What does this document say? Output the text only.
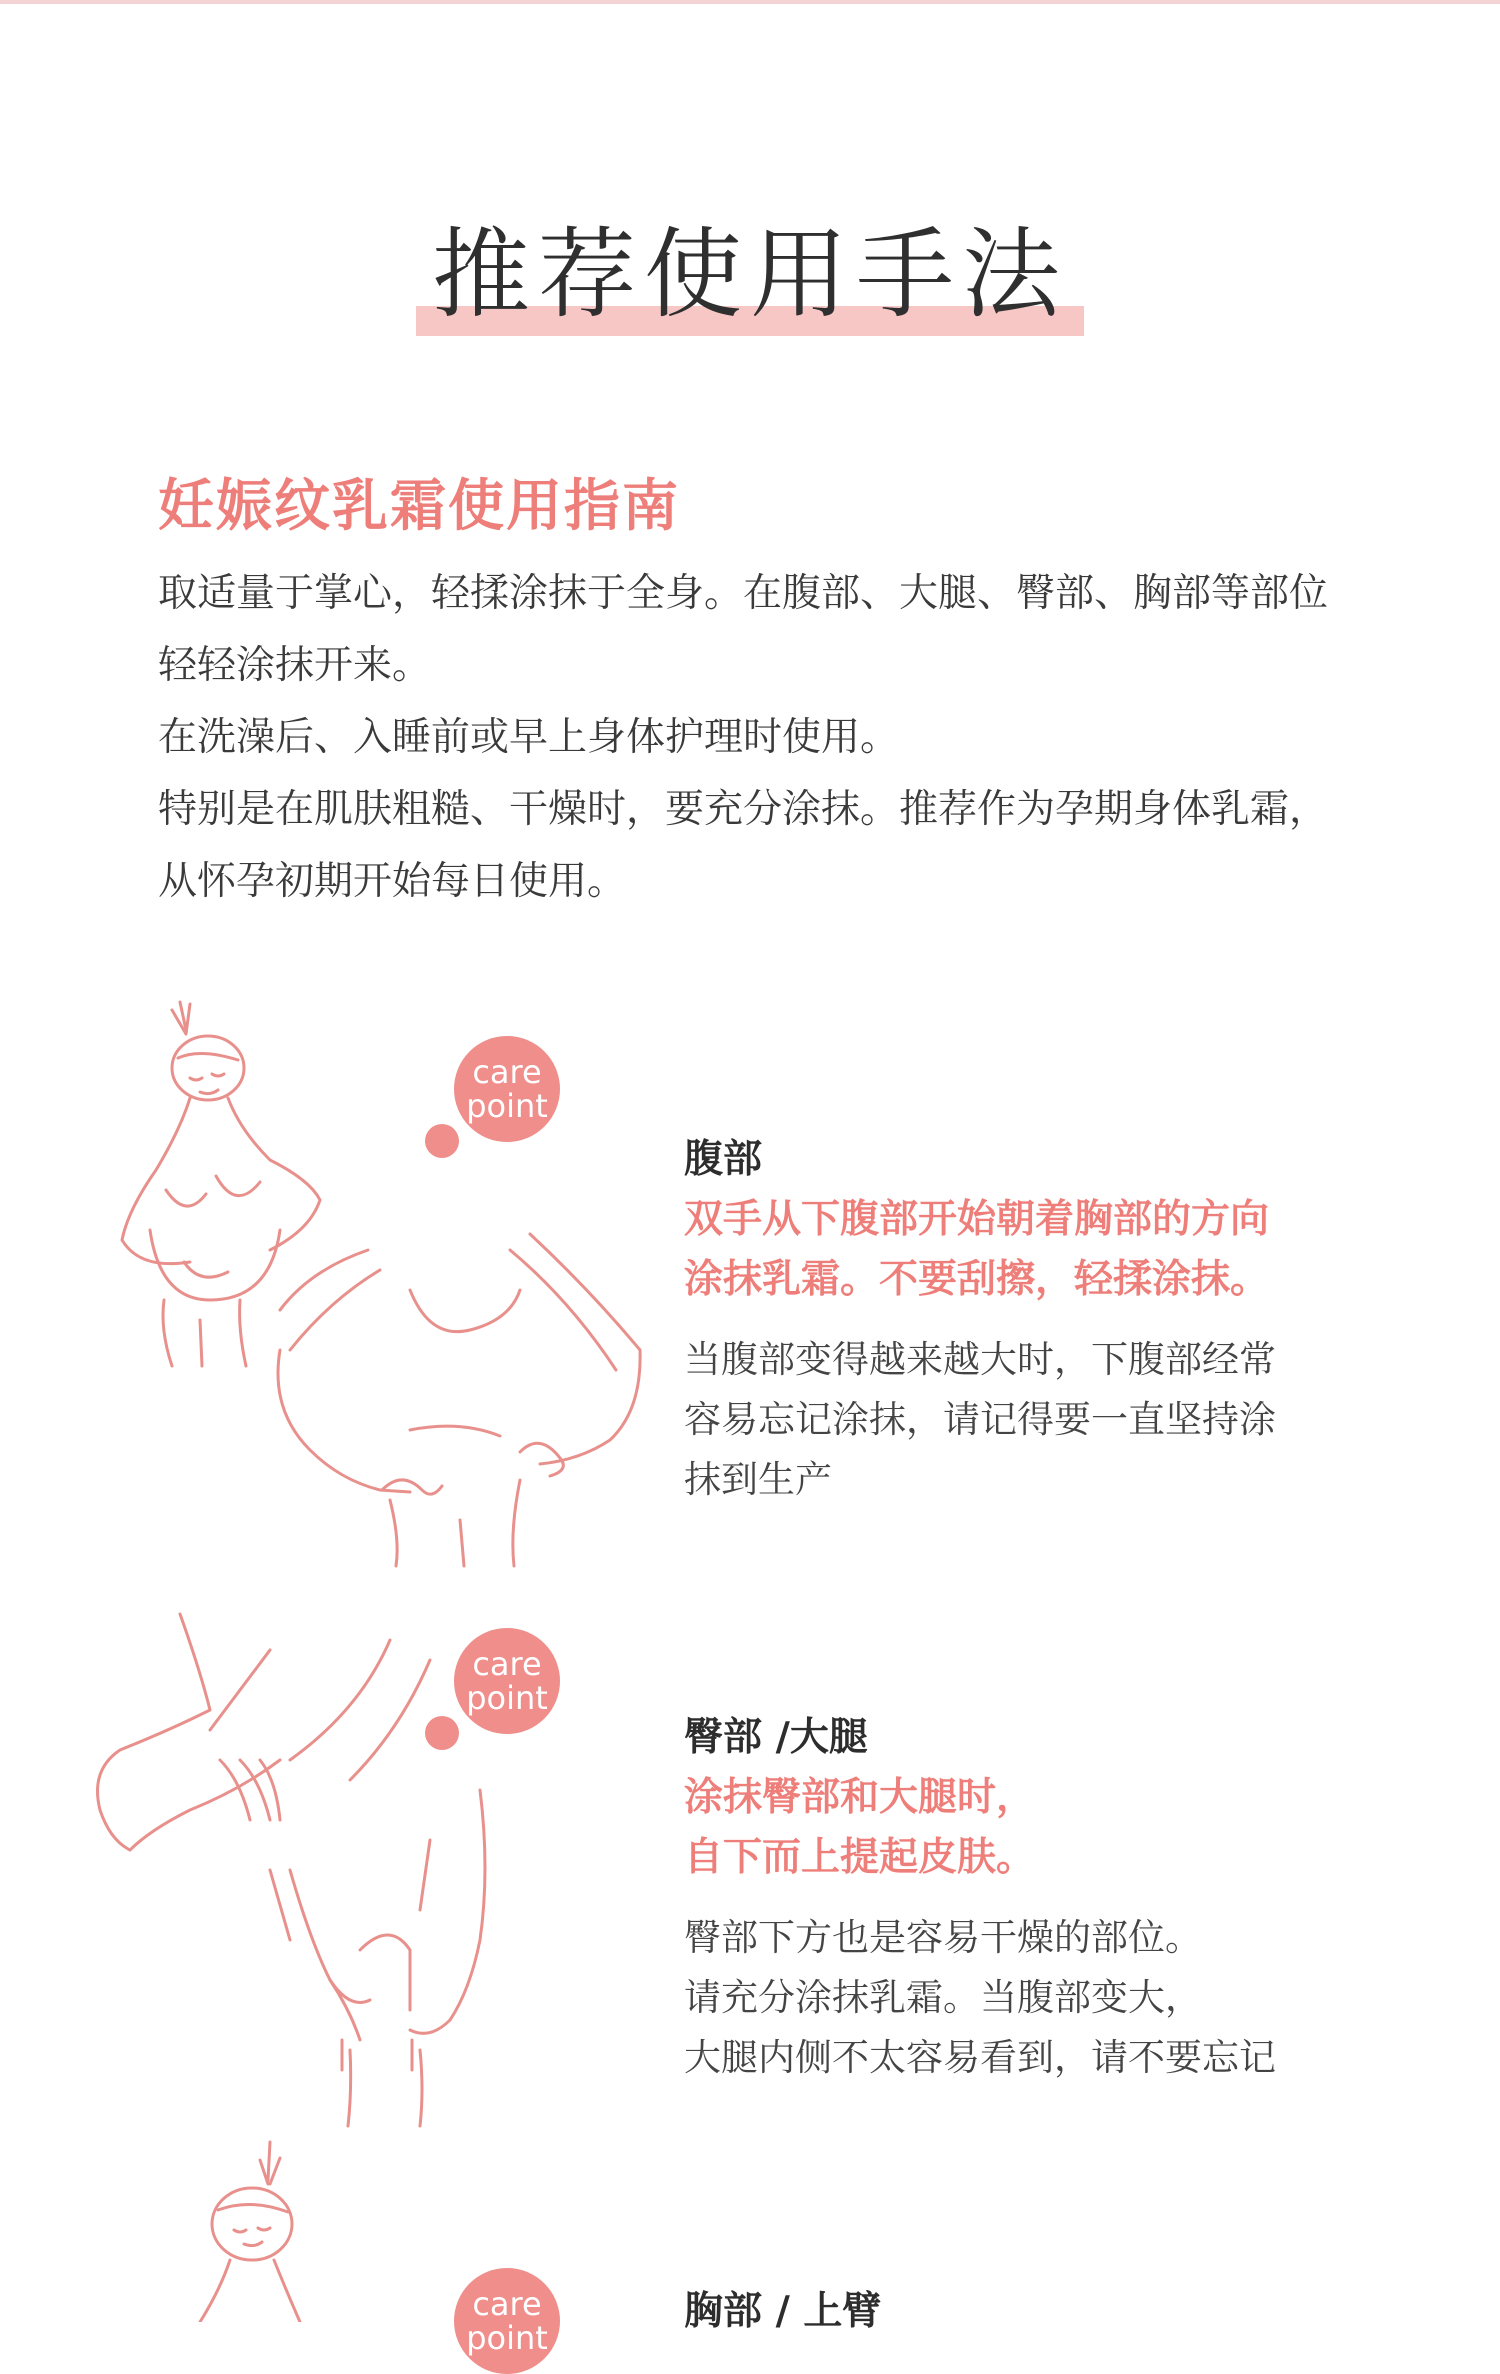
推荐使用手法
妊娠纹乳霜使用指南

取适量于掌心，轻揉涂抹于全身。在腹部、大腿、臀部、胸部等部位

轻轻涂抹开来。

在洗澡后、入睡前或早上身体护理时使用。

特别是在肌肤粗糙、干燥时，要充分涂抹。推荐作为孕期身体乳霜，

从怀孕初期开始每日使用。

care
point
腹部
双手从下腹部开始朝着胸部的方向
涂抹乳霜。不要刮擦，轻揉涂抹。
当腹部变得越来越大时，下腹部经常
容易忘记涂抹，请记得要一直坚持涂
抹到生产
care
point
臀部 /大腿
涂抹臀部和大腿时，
自下而上提起皮肤。
臀部下方也是容易干燥的部位。
请充分涂抹乳霜。当腹部变大，
大腿内侧不太容易看到，请不要忘记
care
point
胸部 / 上臂
